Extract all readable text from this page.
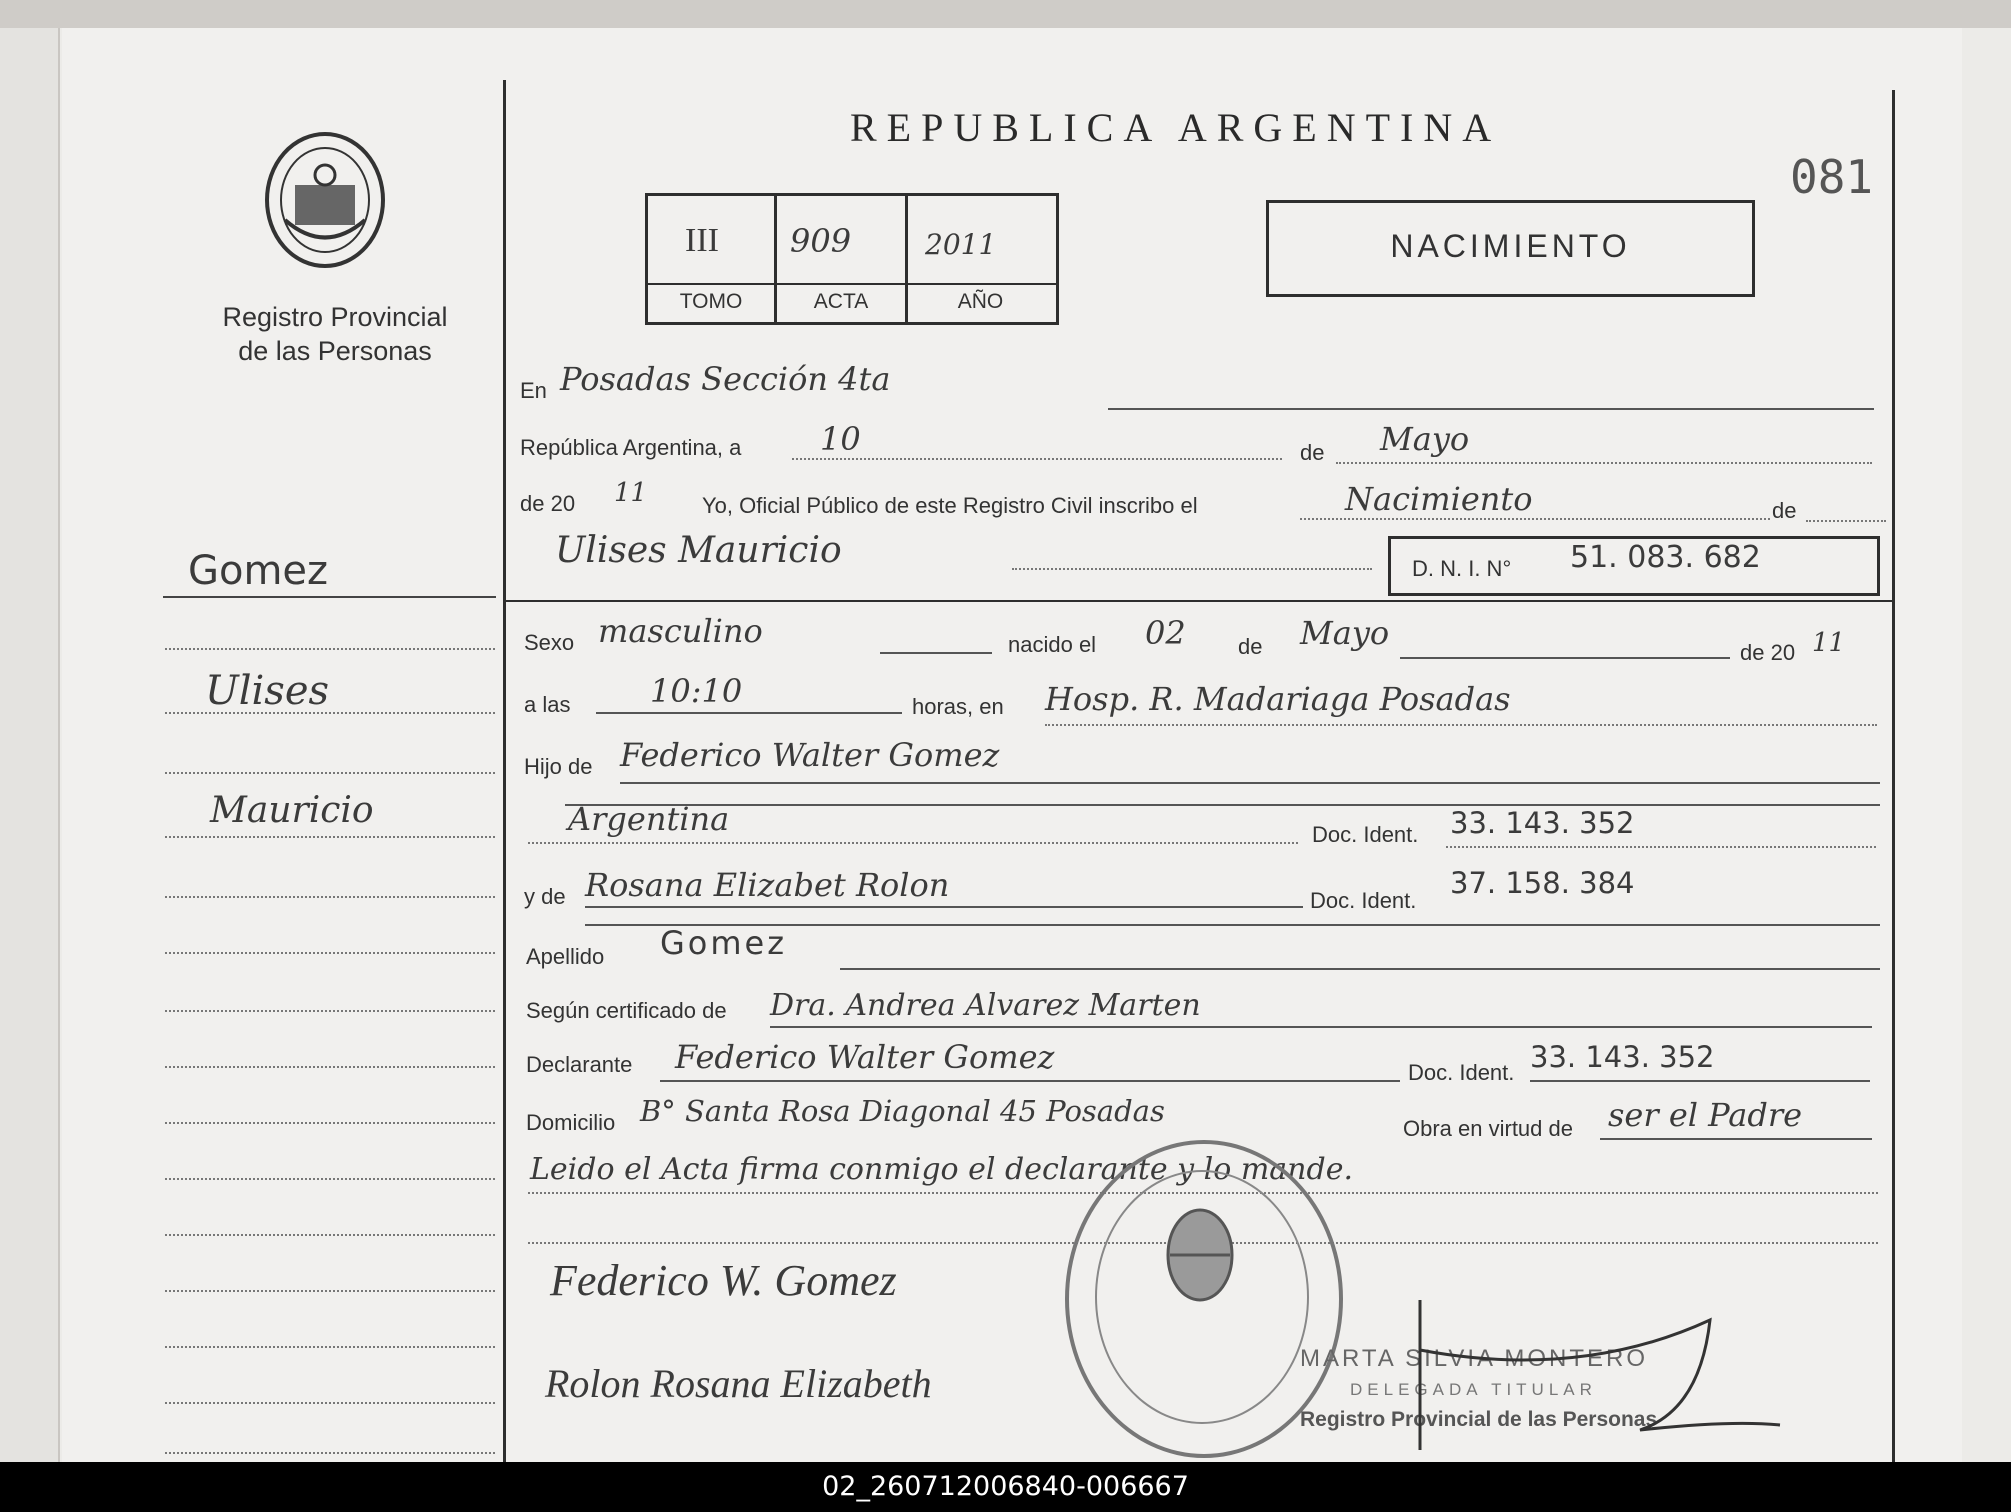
Registro Provincial
de las Personas
REPUBLICA ARGENTINA
081
III 909	2011
TOMO	ACTA	AÑO
NACIMIENTO
En Posadas Sección 4ta
República Argentina, a 10	de Mayo
de 20 11 Yo, Oficial Público de este Registro Civil inscribo el	Nacimiento	de
Ulises Mauricio	D. N. I. N° 51. 083. 682
Sexo masculino	nacido el 02 de Mayo
de 20 11
a las 10:10	horas, en Hosp. R. Madariaga Posadas
Hijo de Federico Walter Gomez
Argentina	Doc. Ident. 33. 143. 352
y de Rosana Elizabet Rolon	Doc. Ident.
37. 158. 384
Apellido Gomez
Según certificado de Dra. Andrea Alvarez Marten
Declarante Federico Walter Gomez	Doc. Ident. 33. 143. 352
Domicilio B° Santa Rosa Diagonal 45 Posadas
Obra en virtud de ser el Padre
Leido el Acta firma conmigo el declarante y lo mande.
Federico W. Gomez
Rolon Rosana Elizabeth
MARTA SILVIA MONTERO
DELEGADA TITULAR
Registro Provincial de las Personas
Gomez
Ulises
Mauricio
02_260712006840-006667
